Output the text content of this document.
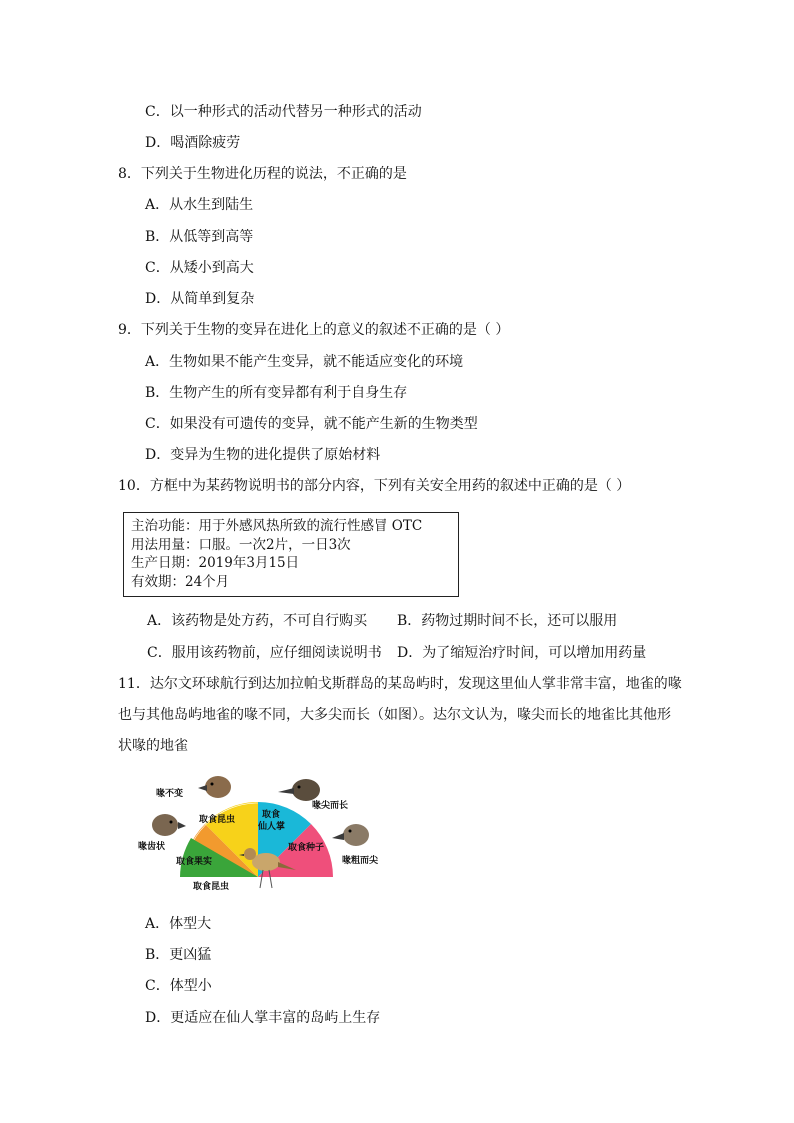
C．以一种形式的活动代替另一种形式的活动
D．喝酒除疲劳
8．下列关于生物进化历程的说法，不正确的是
A．从水生到陆生
B．从低等到高等
C．从矮小到高大
D．从简单到复杂
9．下列关于生物的变异在进化上的意义的叙述不正确的是（ ）
A．生物如果不能产生变异，就不能适应变化的环境
B．生物产生的所有变异都有利于自身生存
C．如果没有可遗传的变异，就不能产生新的生物类型
D．变异为生物的进化提供了原始材料
10．方框中为某药物说明书的部分内容，下列有关安全用药的叙述中正确的是（ ）
主治功能：用于外感风热所致的流行性感冒 OTC
用法用量：口服。一次2片，一日3次
生产日期：2019年3月15日
有效期：24个月
A．该药物是处方药，不可自行购买 B．药物过期时间不长，还可以服用
C．服用该药物前，应仔细阅读说明书 D．为了缩短治疗时间，可以增加用药量
11．达尔文环球航行到达加拉帕戈斯群岛的某岛屿时，发现这里仙人掌非常丰富，地雀的喙
也与其他岛屿地雀的喙不同，大多尖而长（如图）。达尔文认为，喙尖而长的地雀比其他形
状喙的地雀
喙不变
喙尖而长
喙齿状
喙粗而尖
取食昆虫	取食
仙人掌
取食果实
取食种子
取食昆虫
A．体型大
B．更凶猛
C．体型小
D．更适应在仙人掌丰富的岛屿上生存
